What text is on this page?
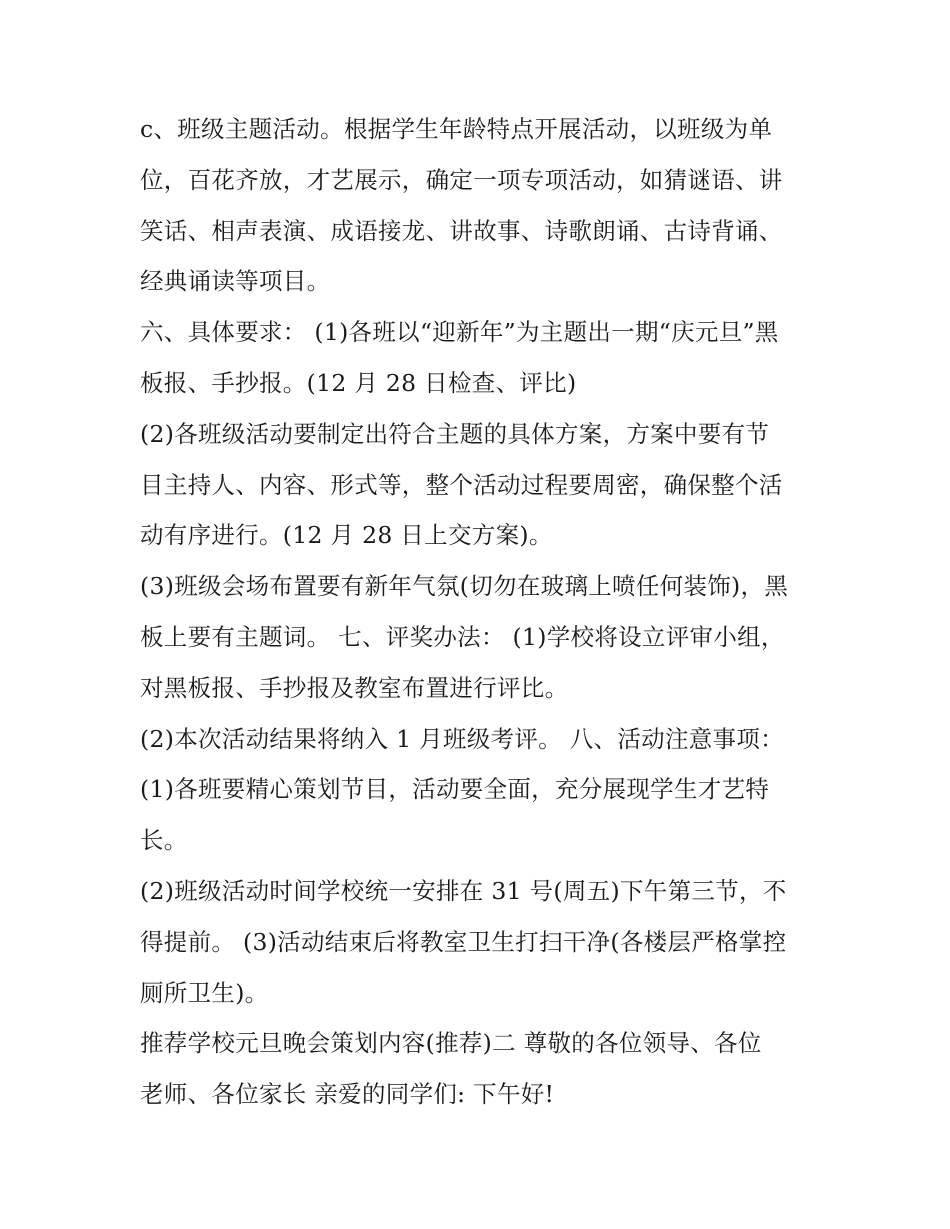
c、班级主题活动。根据学生年龄特点开展活动，以班级为单
位，百花齐放，才艺展示，确定一项专项活动，如猜谜语、讲
笑话、相声表演、成语接龙、讲故事、诗歌朗诵、古诗背诵、
经典诵读等项目。
六、具体要求： (1)各班以“迎新年”为主题出一期“庆元旦”黑
板报、手抄报。(12 月 28 日检查、评比)
(2)各班级活动要制定出符合主题的具体方案，方案中要有节
目主持人、内容、形式等，整个活动过程要周密，确保整个活
动有序进行。(12 月 28 日上交方案)。
(3)班级会场布置要有新年气氛(切勿在玻璃上喷任何装饰)，黑
板上要有主题词。 七、评奖办法： (1)学校将设立评审小组，
对黑板报、手抄报及教室布置进行评比。
(2)本次活动结果将纳入 1 月班级考评。 八、活动注意事项：
(1)各班要精心策划节目，活动要全面，充分展现学生才艺特
长。
(2)班级活动时间学校统一安排在 31 号(周五)下午第三节，不
得提前。 (3)活动结束后将教室卫生打扫干净(各楼层严格掌控
厕所卫生)。
推荐学校元旦晚会策划内容(推荐)二 尊敬的各位领导、各位
老师、各位家长 亲爱的同学们: 下午好!
